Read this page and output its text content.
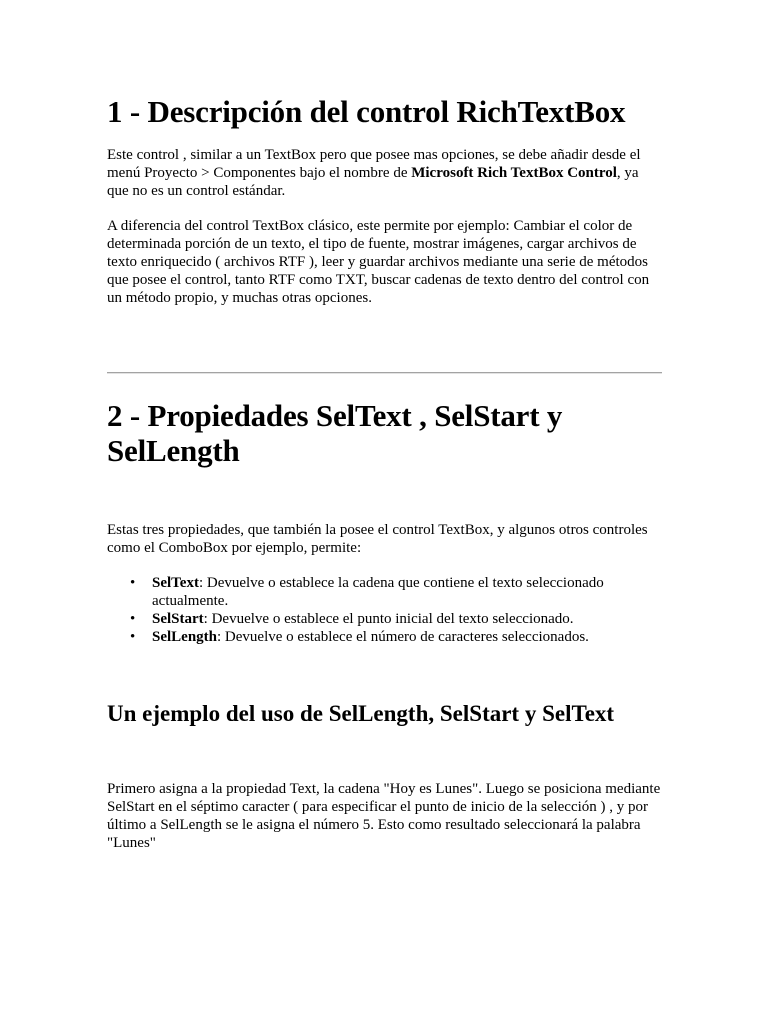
1 - Descripción del control RichTextBox

Este control , similar a un TextBox pero que posee mas opciones, se debe añadir desde el menú Proyecto > Componentes bajo el nombre de Microsoft Rich TextBox Control, ya que no es un control estándar.

A diferencia del control TextBox clásico, este permite por ejemplo: Cambiar el color de determinada porción de un texto, el tipo de fuente, mostrar imágenes, cargar archivos de texto enriquecido ( archivos RTF ), leer y guardar archivos mediante una serie de métodos que posee el control, tanto RTF como TXT, buscar cadenas de texto dentro del control con un método propio, y muchas otras opciones.

2 - Propiedades SelText , SelStart y SelLength

Estas tres propiedades, que también la posee el control TextBox, y algunos otros controles como el ComboBox por ejemplo, permite:

• SelText: Devuelve o establece la cadena que contiene el texto seleccionado actualmente.
• SelStart: Devuelve o establece el punto inicial del texto seleccionado.
• SelLength: Devuelve o establece el número de caracteres seleccionados.
Un ejemplo del uso de SelLength, SelStart y SelText

Primero asigna a la propiedad Text, la cadena "Hoy es Lunes". Luego se posiciona mediante SelStart en el séptimo caracter ( para especificar el punto de inicio de la selección ) , y por último a SelLength se le asigna el número 5. Esto como resultado seleccionará la palabra "Lunes"
